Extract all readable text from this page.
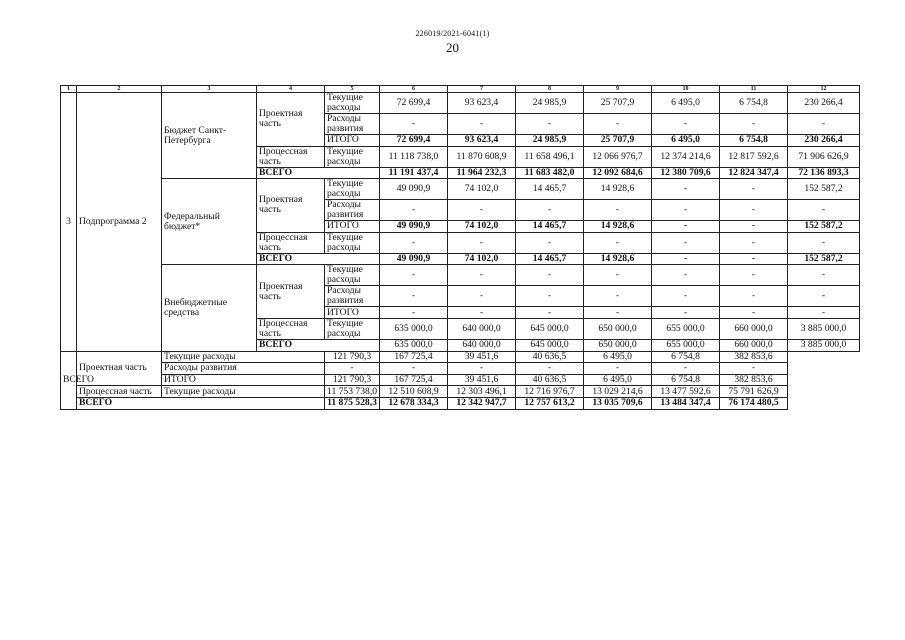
226019/2021-6041(1)
20
1	2	3	4	5	6	7	8	9	10	11	12
3	Подпрограмма 2	Бюджет Санкт-Петербурга	Проектная часть	Текущие расходы	72 699,4	93 623,4	24 985,9	25 707,9	6 495,0	6 754,8	230 266,4
				Расходы развития	-	-	-	-	-	-	-
				ИТОГО	72 699,4	93 623,4	24 985,9	25 707,9	6 495,0	6 754,8	230 266,4
			Процессная часть	Текущие расходы	11 118 738,0	11 870 608,9	11 658 496,1	12 066 976,7	12 374 214,6	12 817 592,6	71 906 626,9
			ВСЕГО		11 191 437,4	11 964 232,3	11 683 482,0	12 092 684,6	12 380 709,6	12 824 347,4	72 136 893,3
		Федеральный бюджет*	Проектная часть	Текущие расходы	49 090,9	74 102,0	14 465,7	14 928,6	-	-	152 587,2
				Расходы развития	-	-	-	-	-	-	-
				ИТОГО	49 090,9	74 102,0	14 465,7	14 928,6	-	-	152 587,2
			Процессная часть	Текущие расходы	-	-	-	-	-	-	-
			ВСЕГО		49 090,9	74 102,0	14 465,7	14 928,6	-	-	152 587,2
		Внебюджетные средства	Проектная часть	Текущие расходы	-	-	-	-	-	-	-
				Расходы развития	-	-	-	-	-	-	-
				ИТОГО	-	-	-	-	-	-	-
			Процессная часть	Текущие расходы	635 000,0	640 000,0	645 000,0	650 000,0	655 000,0	660 000,0	3 885 000,0
			ВСЕГО		635 000,0	640 000,0	645 000,0	650 000,0	655 000,0	660 000,0	3 885 000,0
ВСЕГО	Проектная часть	Текущие расходы		121 790,3	167 725,4	39 451,6	40 636,5	6 495,0	6 754,8	382 853,6	
		Расходы развития		-	-	-	-	-	-	-	
		ИТОГО		121 790,3	167 725,4	39 451,6	40 636,5	6 495,0	6 754,8	382 853,6	
	Процессная часть	Текущие расходы		11 753 738,0	12 510 608,9	12 303 496,1	12 716 976,7	13 029 214,6	13 477 592,6	75 791 626,9	
	ВСЕГО			11 875 528,3	12 678 334,3	12 342 947,7	12 757 613,2	13 035 709,6	13 484 347,4	76 174 480,5	
